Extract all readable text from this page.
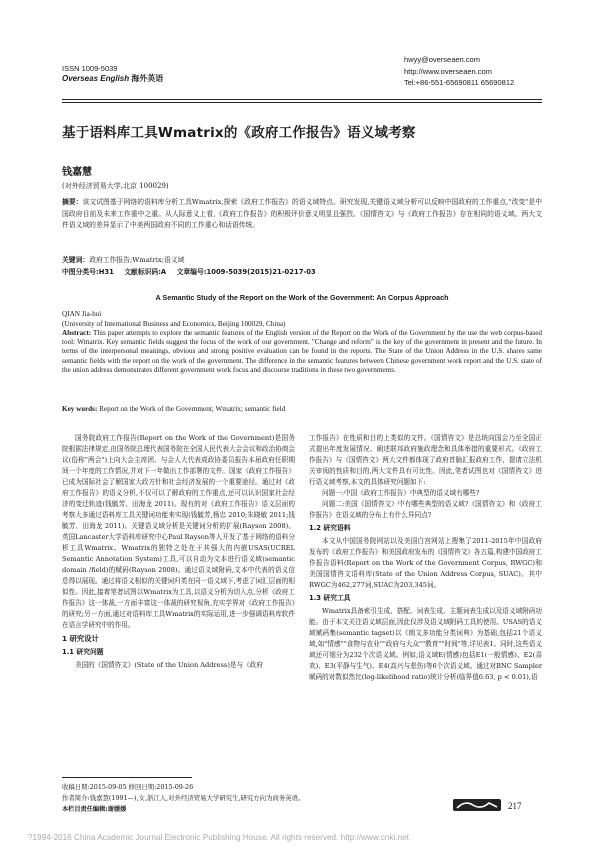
ISSN 1009-5039
Overseas English 海外英语
hwyy@overseaen.com
http://www.overseaen.com
Tel:+86-551-65690811 65690812
基于语料库工具Wmatrix的《政府工作报告》语义域考察
钱嘉慧
(对外经济贸易大学,北京 100029)
摘要：该文试图基于网络的语料库分析工具Wmatrix,探索《政府工作报告》的语义域特点。研究发现,关键语义域分析可以反映中国政府的工作重点,"改变"是中国政府目前及未来工作重中之重。从人际意义上看,《政府工作报告》的积极评价意义明显且强烈。《国情咨文》与《政府工作报告》存在相同的语义域。两大文件语义域的差异显示了中美两国政府不同的工作重心和话语传统。
关键词：政府工作报告;Wmatrix;语义域
中图分类号:H31 文献标识码:A 文章编号:1009-5039(2015)21-0217-03
A Semantic Study of the Report on the Work of the Government: An Corpus Approach
QIAN Jia-hui
(University of International Business and Economics, Beijing 100029, China)
Abstract: This paper attempts to explore the semantic features of the English version of the Report on the Work of the Government by the use the web corpus-based tool: Wmatrix. Key semantic fields suggest the focus of the work of our government. "Change and reform" is the key of the government in present and the future. In terms of the interpersonal meanings, obvious and strong positive evaluation can be found in the reports. The State of the Union Address in the U.S. shares same semantic fields with the report on the work of the government. The difference in the semantic features between Chinese government work report and the U.S. state of the union address demonstrates different government work focus and discourse traditions in these two governments.
Key words: Report on the Work of the Government; Wmatrix; semantic field

国务院政府工作报告(Report on the Work of the Government)是国务院根据法律规定,由国务院总理代表国务院在全国人民代表大会会议和政治协商会议(俗称"两会")上向大会主席团、与会人大代表或政协委员报告本届政府任职期间一个年度的工作情况,并对下一年做出工作部署的文件。国家《政府工作报告》已成为国际社会了解国家大政方针和社会经济发展的一个重要途径。通过对《政府工作报告》的语义分析,不仅可以了解政府的工作重点,还可以认识国家社会经济的变迁轨迹(钱毓芳、田海龙 2011)。现有的对《政府工作报告》语义层面的考察大多通过语料库工具关键词功能来实现(钱毓芳,杨忠 2010;朱晓敏 2011;钱毓芳、田海龙 2011)。关键语义域分析是关键词分析的扩展(Rayson 2008)。英国Lancaster大学语料库研究中心Paul Rayson等人开发了基于网络的语料分析工具Wmatrix。Wmatrix的独特之处在于其强大的内嵌USAS(UCREL Semantic Annotation System)工具,可以自动为文本进行语义域(semantic domain /field)的赋码(Rayson 2008)。通过语义域附码,文本中代表的语义信息得以展现。通过将语义相似的关键词归类在同一语义域下,考虑了词汇层面的相似性。因此,接着笔者试图以Wmatrix为工具,以语义分析为切入点,分析《政府工作报告》这一体裁,一方面丰富这一体裁的研究视角,充实学界对《政府工作报告》的研究;另一方面,通过对语料库工具Wmatrix的实际运用,进一步强调语料库软件在语言学研究中的作用。

1 研究设计

1.1 研究问题

美国的《国情咨文》(State of the Union Address)是与《政府

工作报告》在性质和目的上类似的文件。《国情咨文》是总统向国会乃至全国正式提出年度发展情况、阐述联邦政府施政理念和具体举措的重要形式。《政府工作报告》与《国情咨文》两大文件都体现了政府首脑汇报政府工作、提请立法机关审阅的性质和目的,两大文件具有可比性。因此,笔者试图也对《国情咨文》进行语义域考察,本文的具体研究问题如下:

问题一:中国《政府工作报告》中典型的语义域有哪些?

问题二:美国《国情咨文》中有哪些典型的语义域?《国情咨文》和《政府工作报告》在语义域的分布上有什么异同点?

1.2 研究语料

本文从中国国务院网站以及美国白宫网站上搜集了2011-2015年中国政府发布的《政府工作报告》和美国政府发布的《国情咨文》各五篇,构建中国政府工作报告语料(Report on the Work of the Government Corpus, RWGC)和美国国情咨文语料库(State of the Union Address Corpus, SUAC)。其中RWGC为462,277词,SUAC为203,345词。

1.3 研究工具

Wmatrix具备索引生成、搭配、词表生成、主题词表生成以及语义域附码功能。由于本文关注语义域层面,因此仅涉及语义域附码工具的使用。USAS的语义域赋码集(semantic tagset)以《朗文多功能分类词典》为基础,包括21个语义域,如"情感""食物与农业""政府与大众""教育""时间"等,详见表1。同时,这些语义域还可细分为232个次语义域。例如,语义域E(情感)包括E1(一般情感)、E2(喜欢)、E3(平静与生气)、E4(高兴与悲伤)等6个次语义域。通过对BNC Sampler赋码的对数似然比(log-likelihood ratio)统计分析(临界值6.63, p < 0.01),语

收稿日期:2015-09-05 修回日期:2015-09-26
作者简介:钱嘉慧(1991—),女,浙江人,对外经济贸易大学研究生,研究方向为商务英语。
本栏目责任编辑:谢媛媛	217
?1994-2016 China Academic Journal Electronic Publishing House. All rights reserved. http://www.cnki.net
